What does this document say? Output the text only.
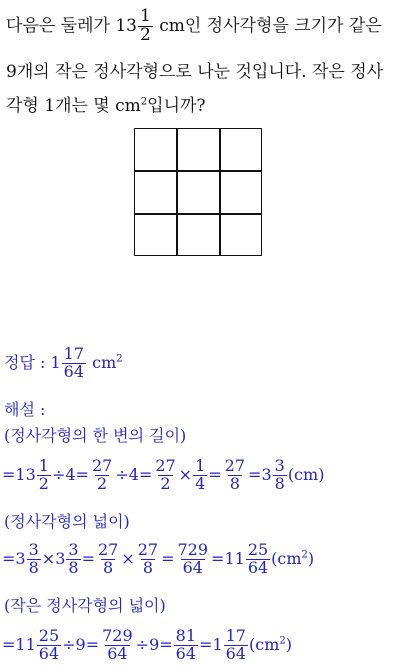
다음은 둘레가 $13 \frac{1}{2}$ cm인 정사각형을 크기가 같은
9개의 작은 정사각형으로 나눈 것입니다. 작은 정사
각형 1개는 몇 $cm^2$입니까?
정답 : $1 \frac{17}{64} cm^2$
해설 :
(정사각형의 한 변의 길이)
$=13 \frac{1}{2} \div 4= \frac{27}{2} \div 4= \frac{27}{2} \times \frac{1}{4} = \frac{27}{8} =3 \frac{3}{8} (cm)$
(정사각형의 넓이)
$=3 \frac{3}{8} \times 3 \frac{3}{8} = \frac{27}{8} \times \frac{27}{8} = \frac{729}{64} =11 \frac{25}{64} (cm^2)$
(작은 정사각형의 넓이)
$=11 \frac{25}{64} \div 9= \frac{729}{64} \div 9= \frac{81}{64} =1 \frac{17}{64} (cm^2)$
